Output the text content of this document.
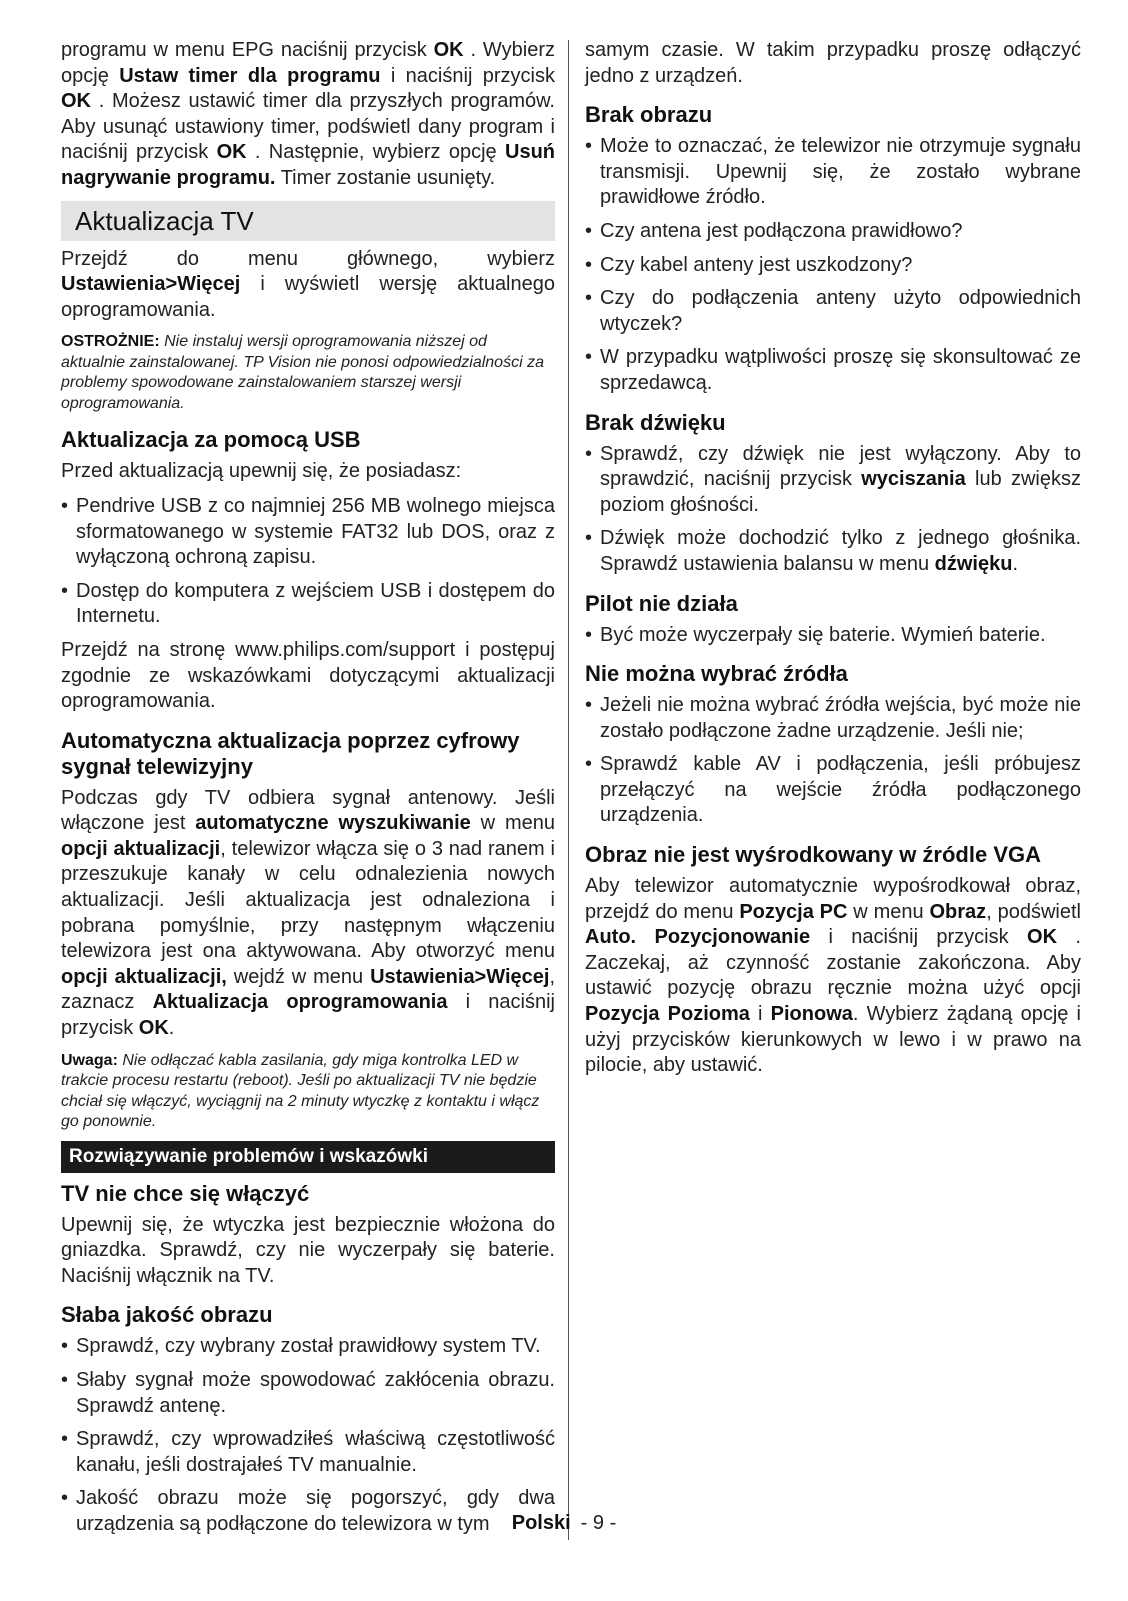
programu w menu EPG naciśnij przycisk OK . Wybierz opcję Ustaw timer dla programu i naciśnij przycisk OK . Możesz ustawić timer dla przyszłych programów. Aby usunąć ustawiony timer, podświetl dany program i naciśnij przycisk OK . Następnie, wybierz opcję Usuń nagrywanie programu. Timer zostanie usunięty.

Aktualizacja TV

Przejdź do menu głównego, wybierz Ustawienia>Więcej i wyświetl wersję aktualnego oprogramowania.

OSTROŻNIE: Nie instaluj wersji oprogramowania niższej od aktualnie zainstalowanej. TP Vision nie ponosi odpowiedzialności za problemy spowodowane zainstalowaniem starszej wersji oprogramowania.

Aktualizacja za pomocą USB

Przed aktualizacją upewnij się, że posiadasz:

• Pendrive USB z co najmniej 256 MB wolnego miejsca sformatowanego w systemie FAT32 lub DOS, oraz z wyłączoną ochroną zapisu.
• Dostęp do komputera z wejściem USB i dostępem do Internetu.

Przejdź na stronę www.philips.com/support i postępuj zgodnie ze wskazówkami dotyczącymi aktualizacji oprogramowania.

Automatyczna aktualizacja poprzez cyfrowy sygnał telewizyjny

Podczas gdy TV odbiera sygnał antenowy. Jeśli włączone jest automatyczne wyszukiwanie w menu opcji aktualizacji, telewizor włącza się o 3 nad ranem i przeszukuje kanały w celu odnalezienia nowych aktualizacji. Jeśli aktualizacja jest odnaleziona i pobrana pomyślnie, przy następnym włączeniu telewizora jest ona aktywowana. Aby otworzyć menu opcji aktualizacji, wejdź w menu Ustawienia>Więcej, zaznacz Aktualizacja oprogramowania i naciśnij przycisk OK.

Uwaga: Nie odłączać kabla zasilania, gdy miga kontrolka LED w trakcie procesu restartu (reboot). Jeśli po aktualizacji TV nie będzie chciał się włączyć, wyciągnij na 2 minuty wtyczkę z kontaktu i włącz go ponownie.

Rozwiązywanie problemów i wskazówki
TV nie chce się włączyć

Upewnij się, że wtyczka jest bezpiecznie włożona do gniazdka. Sprawdź, czy nie wyczerpały się baterie. Naciśnij włącznik na TV.

Słaba jakość obrazu
• Sprawdź, czy wybrany został prawidłowy system TV.
• Słaby sygnał może spowodować zakłócenia obrazu. Sprawdź antenę.
• Sprawdź, czy wprowadziłeś właściwą częstotliwość kanału, jeśli dostrajałeś TV manualnie.
• Jakość obrazu może się pogorszyć, gdy dwa urządzenia są podłączone do telewizora w tym

samym czasie. W takim przypadku proszę odłączyć jedno z urządzeń.

Brak obrazu
• Może to oznaczać, że telewizor nie otrzymuje sygnału transmisji. Upewnij się, że zostało wybrane prawidłowe źródło.
• Czy antena jest podłączona prawidłowo?
• Czy kabel anteny jest uszkodzony?
• Czy do podłączenia anteny użyto odpowiednich wtyczek?
• W przypadku wątpliwości proszę się skonsultować ze sprzedawcą.
Brak dźwięku
• Sprawdź, czy dźwięk nie jest wyłączony. Aby to sprawdzić, naciśnij przycisk wyciszania lub zwiększ poziom głośności.
• Dźwięk może dochodzić tylko z jednego głośnika. Sprawdź ustawienia balansu w menu dźwięku.
Pilot nie działa
• Być może wyczerpały się baterie. Wymień baterie.
Nie można wybrać źródła
• Jeżeli nie można wybrać źródła wejścia, być może nie zostało podłączone żadne urządzenie. Jeśli nie;
• Sprawdź kable AV i podłączenia, jeśli próbujesz przełączyć na wejście źródła podłączonego urządzenia.
Obraz nie jest wyśrodkowany w źródle VGA

Aby telewizor automatycznie wypośrodkował obraz, przejdź do menu Pozycja PC w menu Obraz, podświetl Auto. Pozycjonowanie i naciśnij przycisk OK . Zaczekaj, aż czynność zostanie zakończona. Aby ustawić pozycję obrazu ręcznie można użyć opcji Pozycja Pozioma i Pionowa. Wybierz żądaną opcję i użyj przycisków kierunkowych w lewo i w prawo na pilocie, aby ustawić.

Polski - 9 -
